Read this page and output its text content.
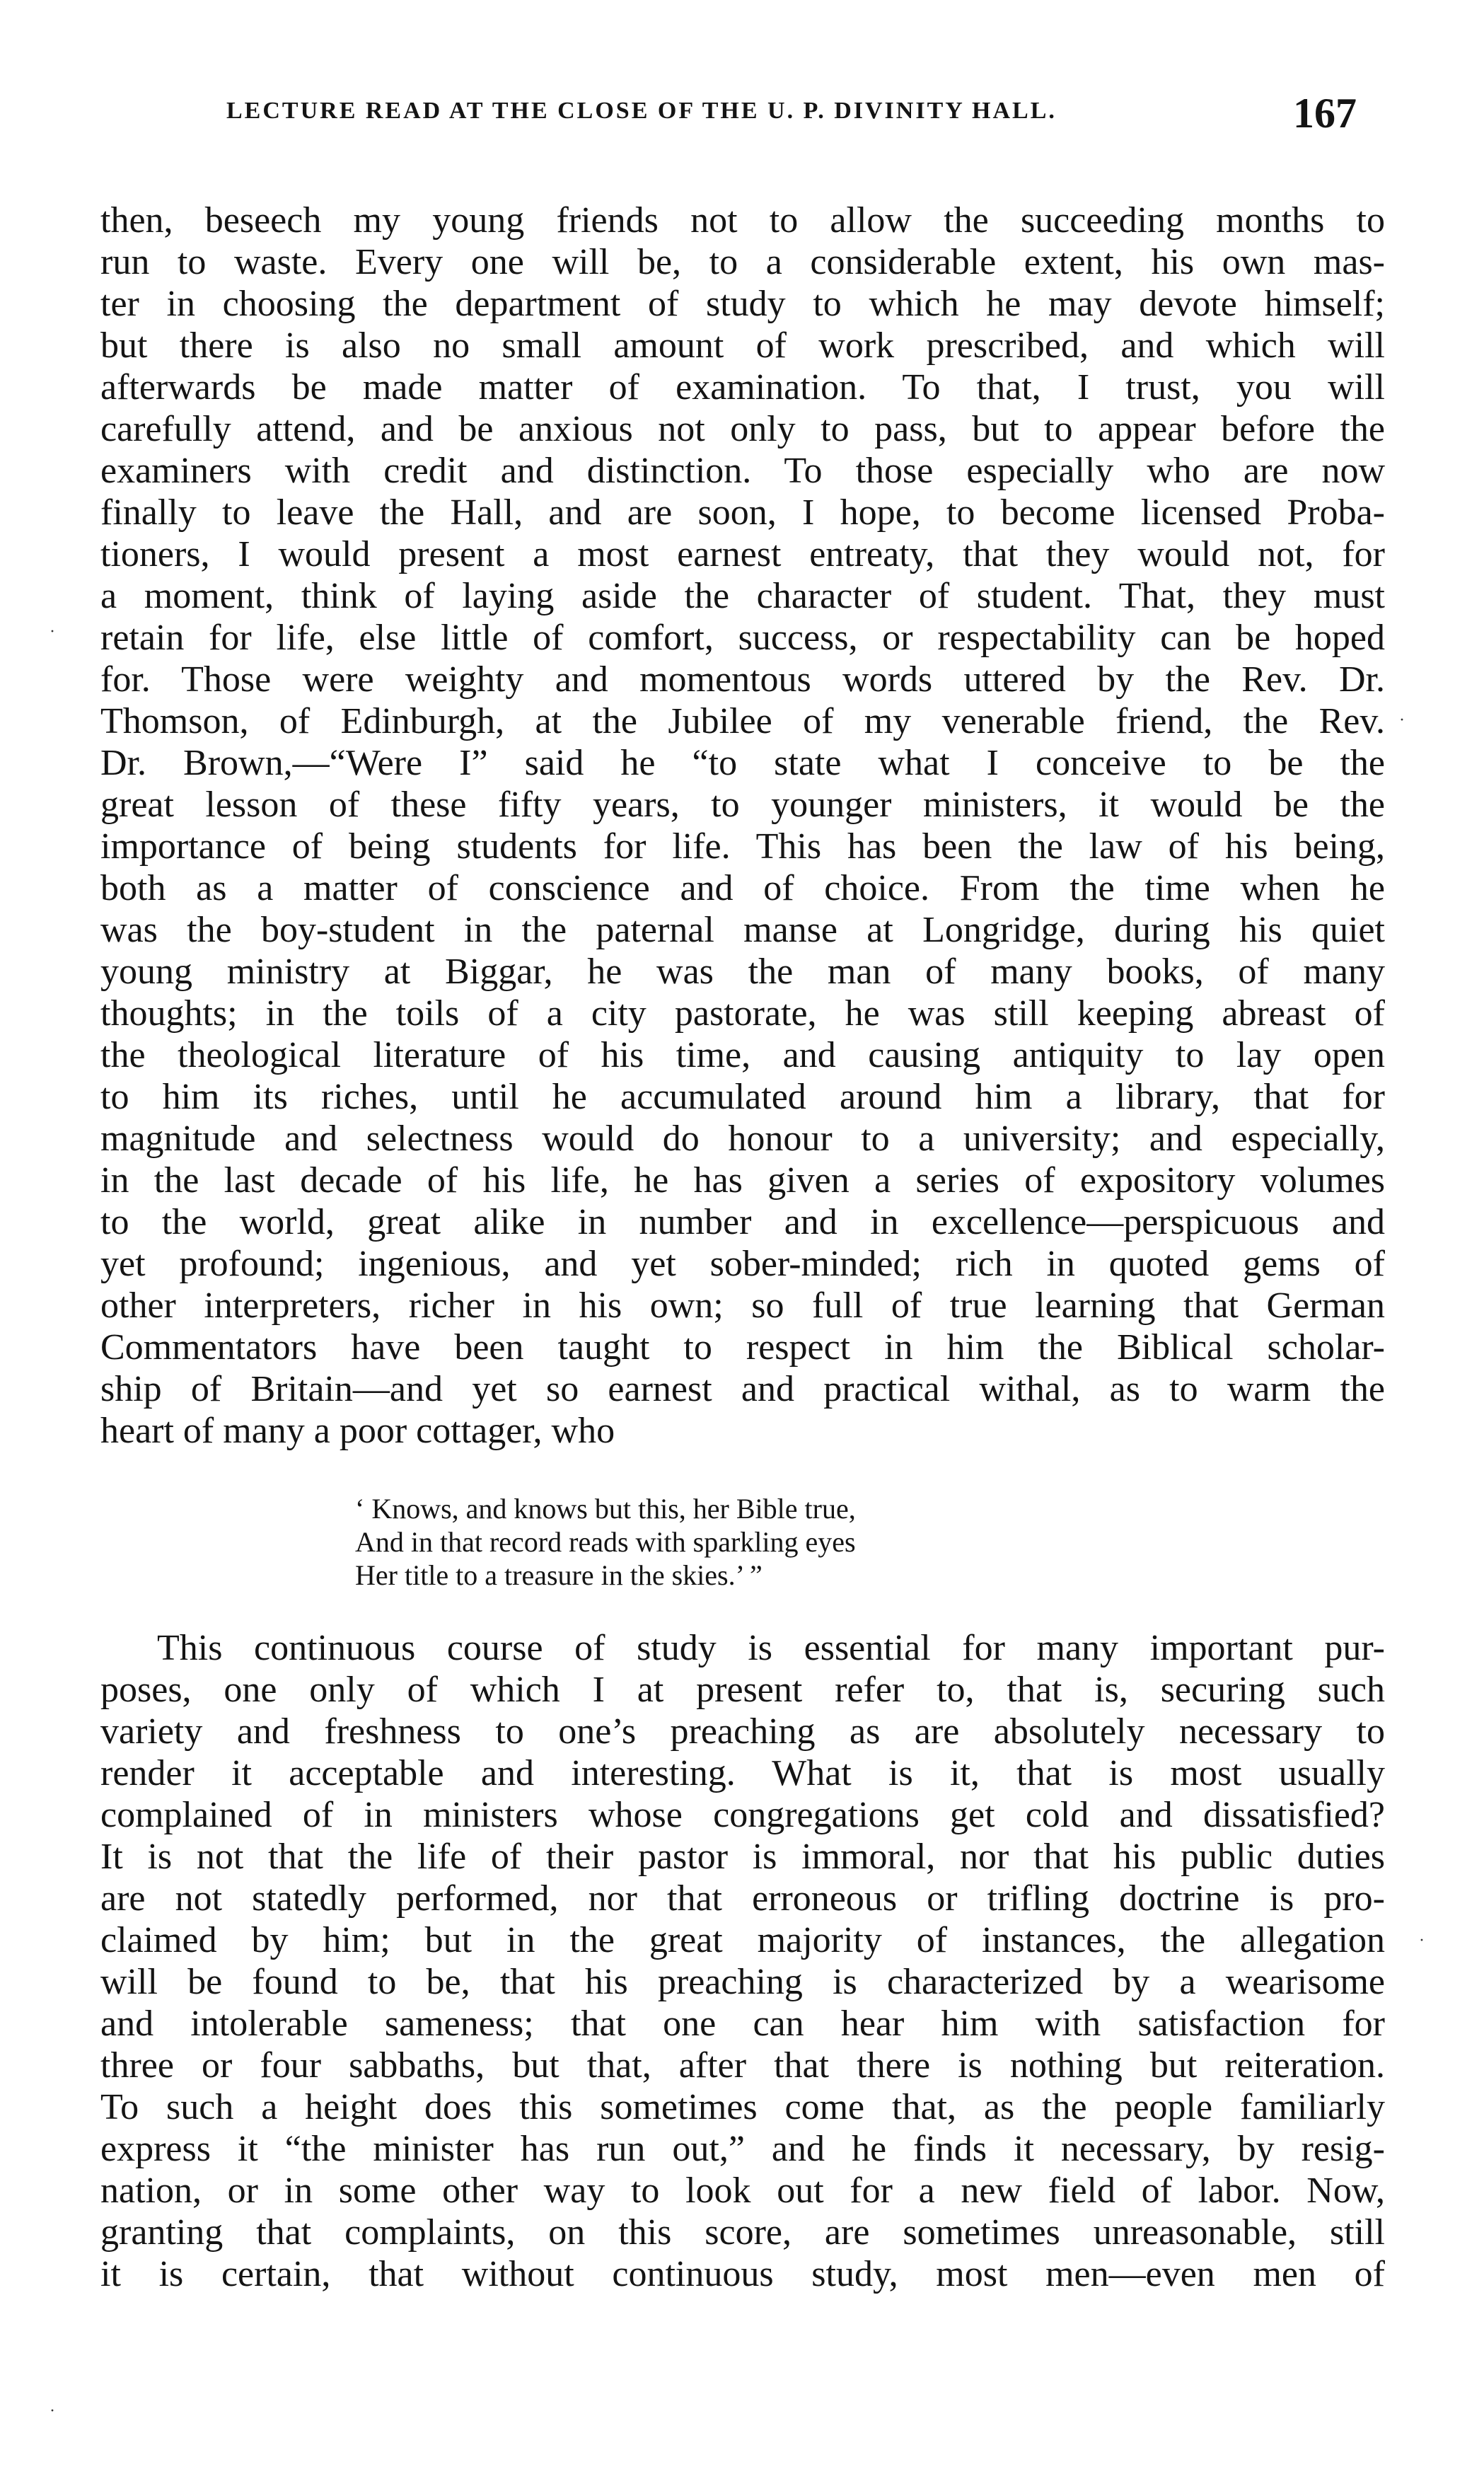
LECTURE READ AT THE CLOSE OF THE U. P. DIVINITY HALL.	167
then, beseech my young friends not to allow the succeeding months to
run to waste. Every one will be, to a considerable extent, his own mas-
ter in choosing the department of study to which he may devote himself;
but there is also no small amount of work prescribed, and which will
afterwards be made matter of examination. To that, I trust, you will
carefully attend, and be anxious not only to pass, but to appear before the
examiners with credit and distinction. To those especially who are now
finally to leave the Hall, and are soon, I hope, to become licensed Proba-
tioners, I would present a most earnest entreaty, that they would not, for
a moment, think of laying aside the character of student. That, they must
retain for life, else little of comfort, success, or respectability can be hoped
for. Those were weighty and momentous words uttered by the Rev. Dr.
Thomson, of Edinburgh, at the Jubilee of my venerable friend, the Rev.
Dr. Brown,—“Were I” said he “to state what I conceive to be the
great lesson of these fifty years, to younger ministers, it would be the
importance of being students for life. This has been the law of his being,
both as a matter of conscience and of choice. From the time when he
was the boy-student in the paternal manse at Longridge, during his quiet
young ministry at Biggar, he was the man of many books, of many
thoughts; in the toils of a city pastorate, he was still keeping abreast of
the theological literature of his time, and causing antiquity to lay open
to him its riches, until he accumulated around him a library, that for
magnitude and selectness would do honour to a university; and especially,
in the last decade of his life, he has given a series of expository volumes
to the world, great alike in number and in excellence—perspicuous and
yet profound; ingenious, and yet sober-minded; rich in quoted gems of
other interpreters, richer in his own; so full of true learning that German
Commentators have been taught to respect in him the Biblical scholar-
ship of Britain—and yet so earnest and practical withal, as to warm the
heart of many a poor cottager, who
‘ Knows, and knows but this, her Bible true,
And in that record reads with sparkling eyes
Her title to a treasure in the skies.’ ”
This continuous course of study is essential for many important pur-
poses, one only of which I at present refer to, that is, securing such
variety and freshness to one’s preaching as are absolutely necessary to
render it acceptable and interesting. What is it, that is most usually
complained of in ministers whose congregations get cold and dissatisfied?
It is not that the life of their pastor is immoral, nor that his public duties
are not statedly performed, nor that erroneous or trifling doctrine is pro-
claimed by him; but in the great majority of instances, the allegation
will be found to be, that his preaching is characterized by a wearisome
and intolerable sameness; that one can hear him with satisfaction for
three or four sabbaths, but that, after that there is nothing but reiteration.
To such a height does this sometimes come that, as the people familiarly
express it “the minister has run out,” and he finds it necessary, by resig-
nation, or in some other way to look out for a new field of labor. Now,
granting that complaints, on this score, are sometimes unreasonable, still
it is certain, that without continuous study, most men—even men of
·
·
·
·
